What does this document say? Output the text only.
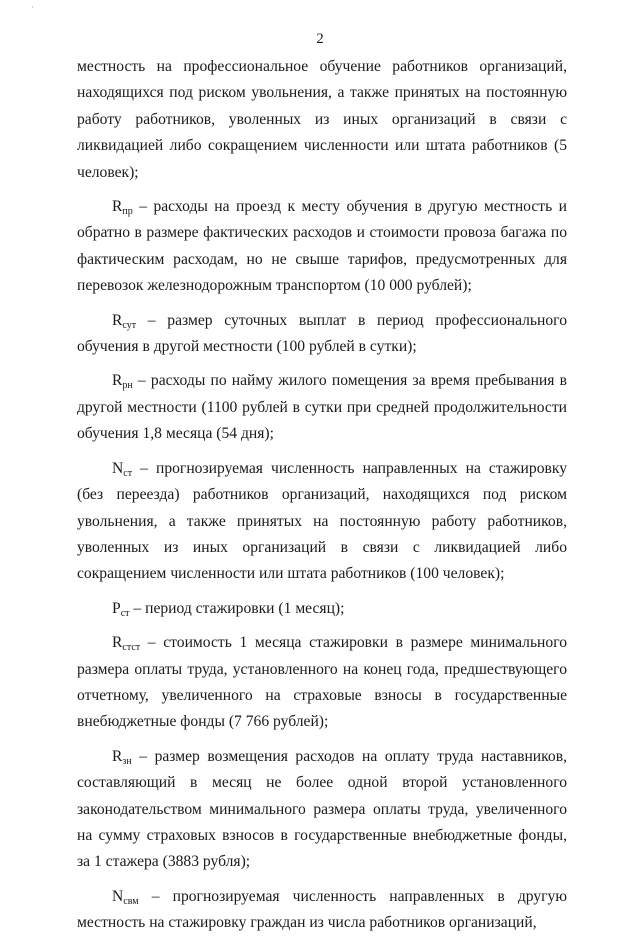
·
2

местность на профессиональное обучение работников организаций, находящихся под риском увольнения, а также принятых на постоянную работу работников, уволенных из иных организаций в связи с ликвидацией либо сокращением численности или штата работников (5 человек);

$R_{пр}$ – расходы на проезд к месту обучения в другую местность и обратно в размере фактических расходов и стоимости провоза багажа по фактическим расходам, но не свыше тарифов, предусмотренных для перевозок железнодорожным транспортом (10 000 рублей);

$R_{сут}$ – размер суточных выплат в период профессионального обучения в другой местности (100 рублей в сутки);

$R_{рн}$ – расходы по найму жилого помещения за время пребывания в другой местности (1100 рублей в сутки при средней продолжительности обучения 1,8 месяца (54 дня);

$N_{ст}$ – прогнозируемая численность направленных на стажировку (без переезда) работников организаций, находящихся под риском увольнения, а также принятых на постоянную работу работников, уволенных из иных организаций в связи с ликвидацией либо сокращением численности или штата работников (100 человек);

$P_{ст}$ – период стажировки (1 месяц);

$R_{стст}$ – стоимость 1 месяца стажировки в размере минимального размера оплаты труда, установленного на конец года, предшествующего отчетному, увеличенного на страховые взносы в государственные внебюджетные фонды (7 766 рублей);

$R_{зн}$ – размер возмещения расходов на оплату труда наставников, составляющий в месяц не более одной второй установленного законодательством минимального размера оплаты труда, увеличенного на сумму страховых взносов в государственные внебюджетные фонды, за 1 стажера (3883 рубля);

$N_{свм}$ – прогнозируемая численность направленных в другую местность на стажировку граждан из числа работников организаций,
